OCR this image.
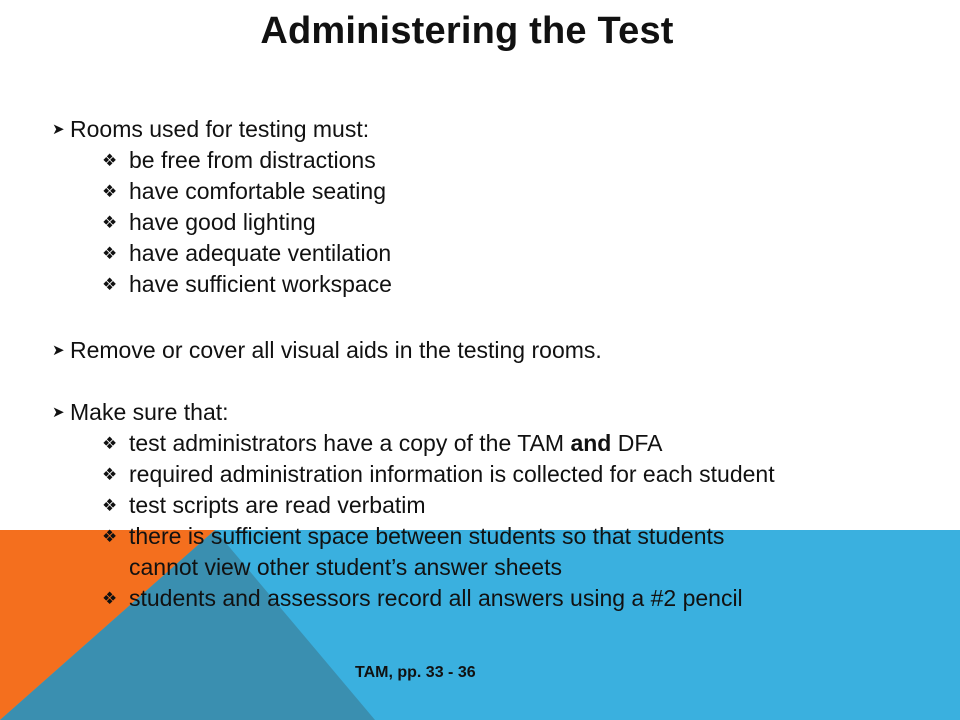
Administering the Test
➤ Rooms used for testing must:
❖ be free from distractions
❖ have comfortable seating
❖ have good lighting
❖ have adequate ventilation
❖ have sufficient workspace
➤ Remove or cover all visual aids in the testing rooms.
➤ Make sure that:
❖ test administrators have a copy of the TAM and DFA
❖ required administration information is collected for each student
❖ test scripts are read verbatim
❖ there is sufficient space between students so that students
cannot view other student’s answer sheets
❖ students and assessors record all answers using a #2 pencil
TAM, pp. 33 - 36
